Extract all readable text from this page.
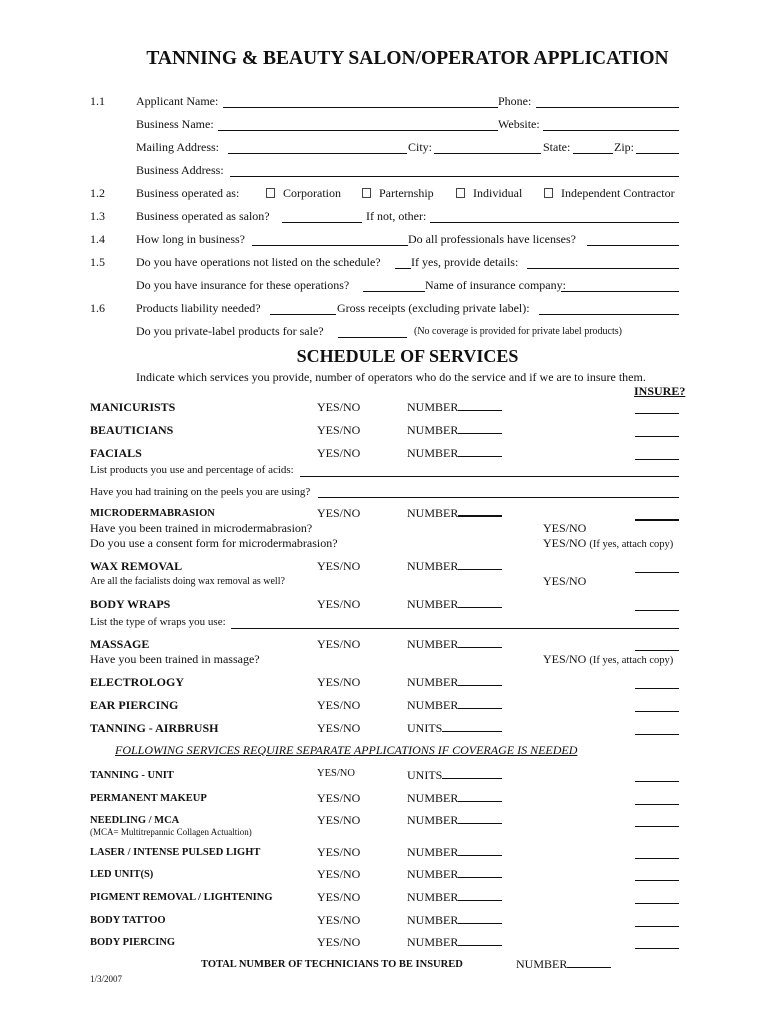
TANNING & BEAUTY SALON/OPERATOR APPLICATION
1.1	Applicant Name:	Phone:
Business Name:	Website:
Mailing Address:	City:	State:	Zip:
Business Address:
1.2	Business operated as:	Corporation	Parternship	Individual	Independent Contractor
1.3	Business operated as salon?	If not, other:
1.4	How long in business?	Do all professionals have licenses?
1.5	Do you have operations not listed on the schedule?	If yes, provide details:
Do you have insurance for these operations?	Name of insurance company:
1.6	Products liability needed?	Gross receipts (excluding private label):
Do you private-label products for sale?	(No coverage is provided for private label products)
SCHEDULE OF SERVICES
Indicate which services you provide, number of operators who do the service and if we are to insure them.
INSURE?
MANICURISTS	YES/NO	NUMBER
BEAUTICIANS	YES/NO	NUMBER
FACIALS	YES/NO	NUMBER
MICRODERMABRASION	YES/NO	NUMBER
WAX REMOVAL	YES/NO	NUMBER
BODY WRAPS	YES/NO	NUMBER
MASSAGE	YES/NO	NUMBER
ELECTROLOGY	YES/NO	NUMBER
EAR PIERCING	YES/NO	NUMBER
TANNING - AIRBRUSH	YES/NO	UNITS
TANNING - UNIT	YES/NO	UNITS
PERMANENT MAKEUP	YES/NO	NUMBER
NEEDLING / MCA	YES/NO	NUMBER
LASER / INTENSE PULSED LIGHT	YES/NO	NUMBER
LED UNIT(S)	YES/NO	NUMBER
PIGMENT REMOVAL / LIGHTENING	YES/NO	NUMBER
BODY TATTOO	YES/NO	NUMBER
BODY PIERCING	YES/NO	NUMBER
List products you use and percentage of acids:
Have you had training on the peels you are using?
Have you been trained in microdermabrasion?	YES/NO
Do you use a consent form for microdermabrasion?	YES/NO (If yes, attach copy)
Are all the facialists doing wax removal as well?	YES/NO
List the type of wraps you use:
Have you been trained in massage?	YES/NO (If yes, attach copy)
FOLLOWING SERVICES REQUIRE SEPARATE APPLICATIONS IF COVERAGE IS NEEDED
(MCA= Multitrepannic Collagen Actualtion)
TOTAL NUMBER OF TECHNICIANS TO BE INSURED	NUMBER
1/3/2007
